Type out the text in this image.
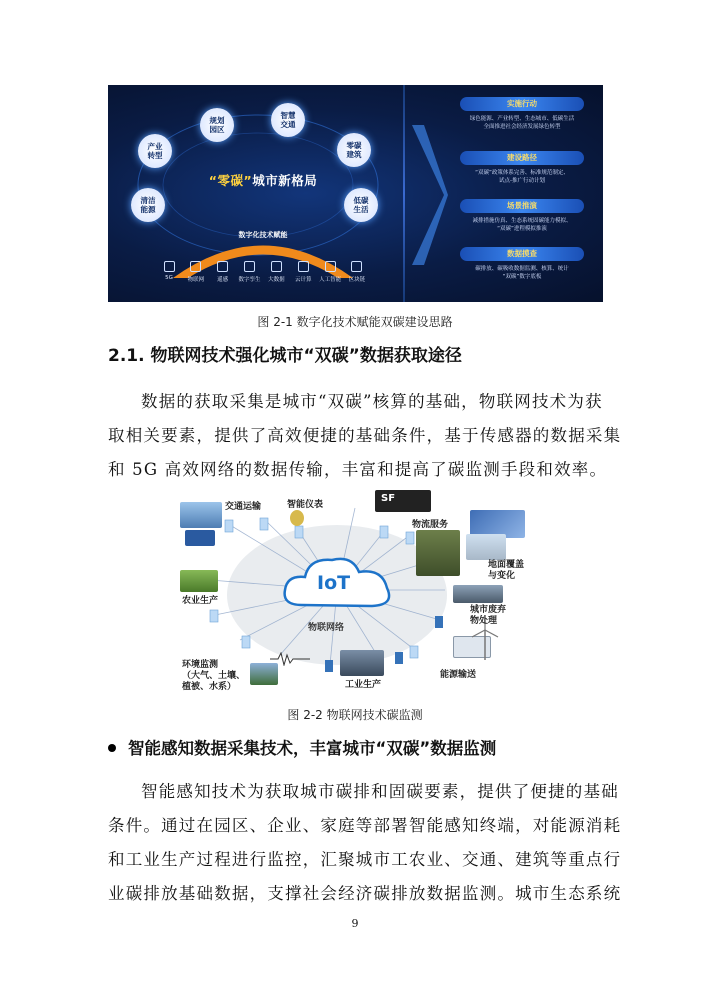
规划
园区
智慧
交通
产业
转型
零碳
建筑
清洁
能源
低碳
生活
“零碳”城市新格局
数字化技术赋能
5G	物联网 遥感 数字孪生 大数据 云计算 人工智能 区块链
实施行动
绿色能源、产业转型、生态城市、低碳生活
全面推进社会经济发展绿色转型
建设路径
“双碳”政策体系完善、标准规范制定、
试点-推广行动计划
场景推演
减排措施仿真、生态系统固碳能力模拟、
“双碳”进程模拟推演
数据摸查
碳排放、碳吸收数据监测、核算、统计
“双碳”数字底板
图 2-1 数字化技术赋能双碳建设思路
2.1. 物联网技术强化城市“双碳”数据获取途径
数据的获取采集是城市“双碳”核算的基础，物联网技术为获
取相关要素，提供了高效便捷的基础条件，基于传感器的数据采集
和 5G 高效网络的数据传输，丰富和提高了碳监测手段和效率。
IoT
物联网络
SF
交通运输	智能仪表
物流服务
地面覆盖
与变化
农业生产
城市废弃
物处理
环境监测
（大气、土壤、
植被、水系）	工业生产
能源输送
图 2-2 物联网技术碳监测
智能感知数据采集技术，丰富城市“双碳”数据监测
智能感知技术为获取城市碳排和固碳要素，提供了便捷的基础
条件。通过在园区、企业、家庭等部署智能感知终端，对能源消耗
和工业生产过程进行监控，汇聚城市工农业、交通、建筑等重点行
业碳排放基础数据，支撑社会经济碳排放数据监测。城市生态系统
9
